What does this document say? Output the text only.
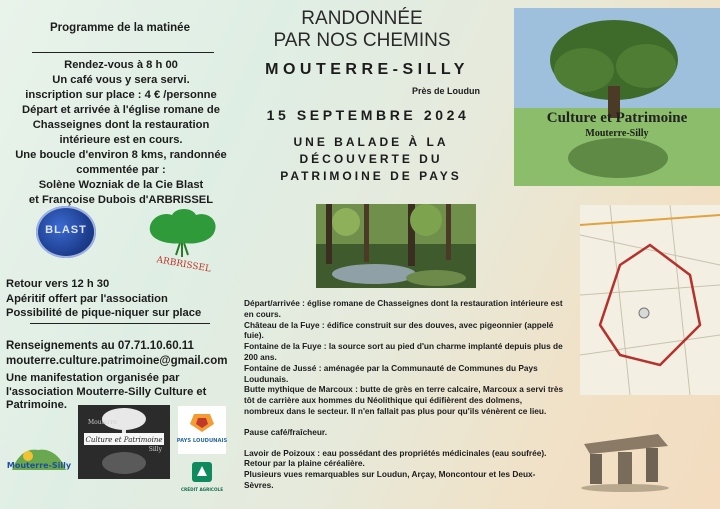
Programme de la matinée
Rendez-vous à 8 h 00
Un café vous y sera servi.
inscription sur place : 4 € /personne
Départ et arrivée à l'église romane de
Chasseignes dont la restauration
intérieure est en cours.
Une boucle d'environ 8 kms, randonnée
commentée par :
Solène Wozniak de la Cie Blast
et Françoise Dubois d'ARBRISSEL
BLAST
ARBRISSEL
Retour vers 12 h 30
Apéritif offert par l'association
Possibilité de pique-niquer sur place
Renseignements au 07.71.10.60.11
mouterre.culture.patrimoine@gmail.com
Une manifestation organisée par
l'association Mouterre-Silly Culture et
Patrimoine.
Mouterre-Silly
Mouterre
Culture et Patrimoine
Silly
PAYS LOUDUNAIS
CRÉDIT AGRICOLE
RANDONNÉE
PAR NOS CHEMINS
MOUTERRE-SILLY
Près de Loudun
15 SEPTEMBRE 2024
UNE BALADE À LA
DÉCOUVERTE DU
PATRIMOINE DE PAYS

Départ/arrivée : église romane de Chasseignes dont la restauration intérieure est en cours.

Château de la Fuye : édifice construit sur des douves, avec pigeonnier (appelé fuie).

Fontaine de la Fuye : la source sort au pied d'un charme implanté depuis plus de 200 ans.

Fontaine de Jussé : aménagée par la Communauté de Communes du Pays Loudunais.

Butte mythique de Marcoux : butte de grès en terre calcaire, Marcoux a servi très tôt de carrière aux hommes du Néolithique qui édifièrent des dolmens, nombreux dans le secteur. Il n'en fallait pas plus pour qu'ils vénèrent ce lieu.

Pause café/fraîcheur.

Lavoir de Poizoux : eau possédant des propriétés médicinales (eau soufrée).

Retour par la plaine céréalière.

Plusieurs vues remarquables sur Loudun, Arçay, Moncontour et les Deux-Sèvres.

Culture et Patrimoine
Mouterre-Silly
